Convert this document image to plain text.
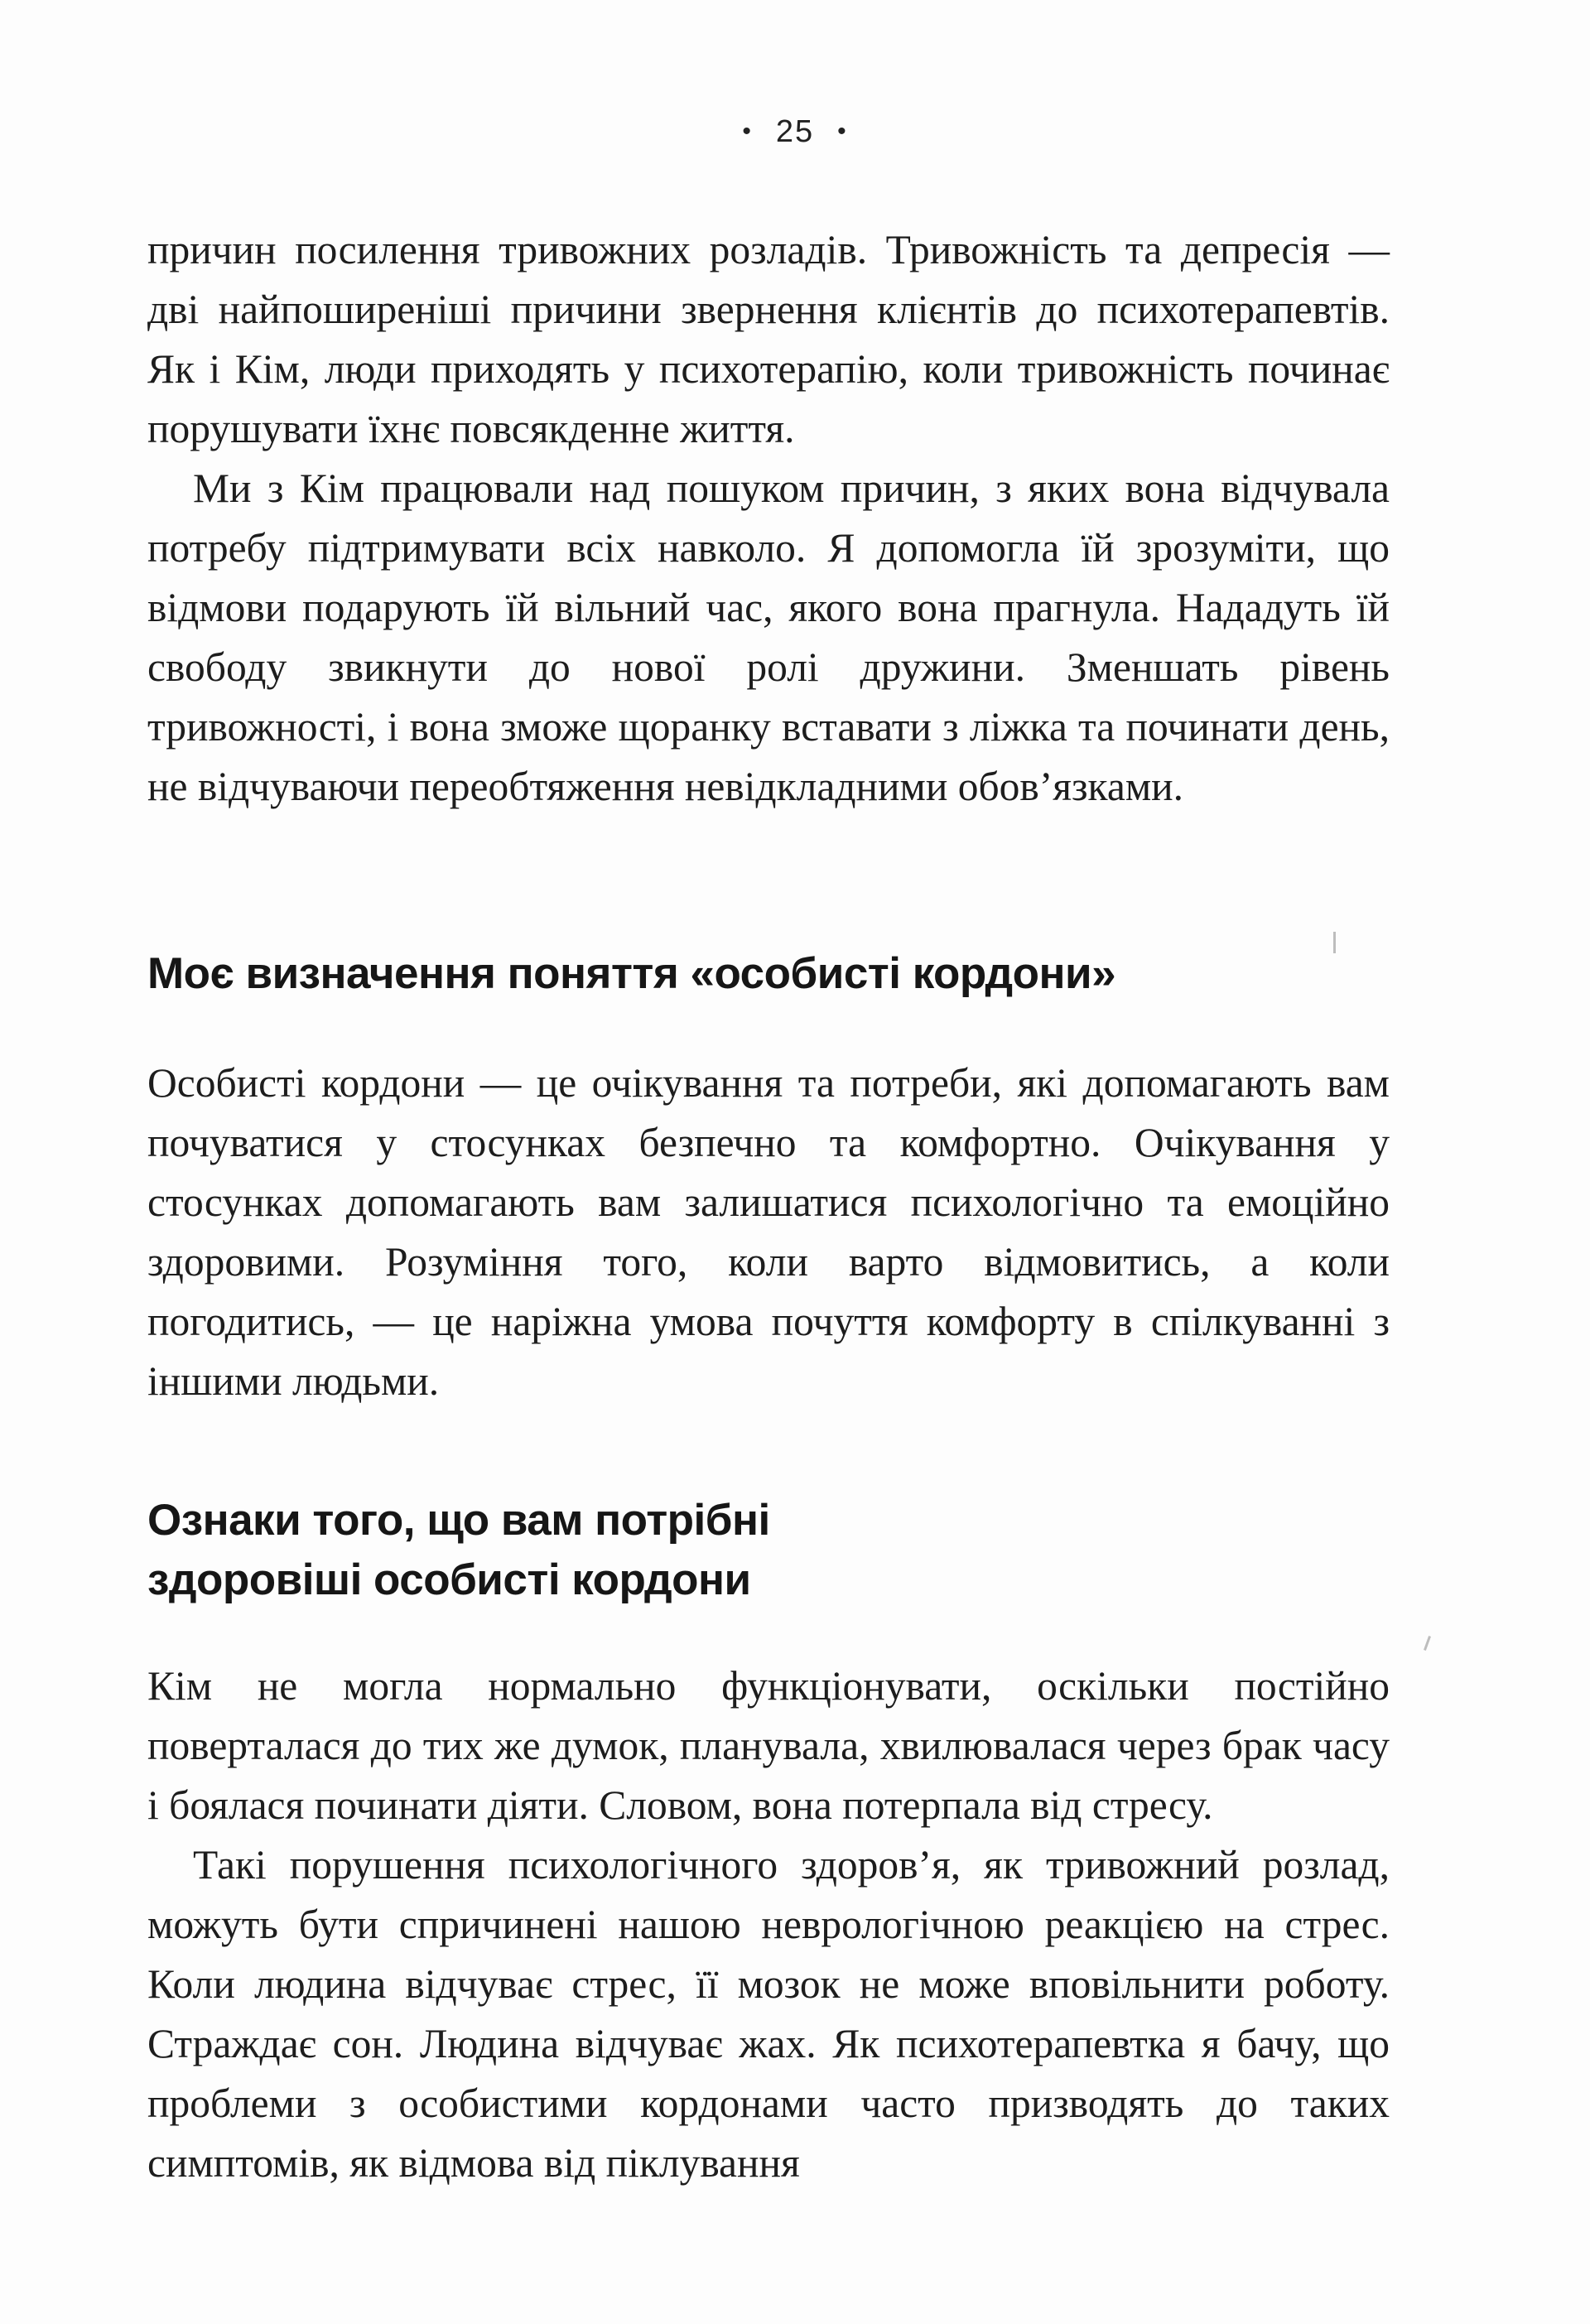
• 25 •

причин посилення тривожних розладів. Тривожність та депресія — дві найпоширеніші причини звернення клієнтів до психотерапевтів. Як і Кім, люди приходять у психотерапію, коли тривожність починає порушувати їхнє повсякденне життя.

Ми з Кім працювали над пошуком причин, з яких вона відчувала потребу підтримувати всіх навколо. Я допомогла їй зрозуміти, що відмови подарують їй вільний час, якого вона прагнула. Нададуть їй свободу звикнути до нової ролі дружини. Зменшать рівень тривожності, і вона зможе щоранку вставати з ліжка та починати день, не відчуваючи переобтяження невідкладними обов’язками.

Моє визначення поняття «особисті кордони»

Особисті кордони — це очікування та потреби, які допомагають вам почуватися у стосунках безпечно та комфортно. Очікування у стосунках допомагають вам залишатися психологічно та емоційно здоровими. Розуміння того, коли варто відмовитись, а коли погодитись, — це наріжна умова почуття комфорту в спілкуванні з іншими людьми.

Ознаки того, що вам потрібні
здоровіші особисті кордони

Кім не могла нормально функціонувати, оскільки постійно поверталася до тих же думок, планувала, хвилювалася через брак часу і боялася починати діяти. Словом, вона потерпала від стресу.

Такі порушення психологічного здоров’я, як тривожний розлад, можуть бути спричинені нашою неврологічною реакцією на стрес. Коли людина відчуває стрес, її мозок не може вповільнити роботу. Страждає сон. Людина відчуває жах. Як психотерапевтка я бачу, що проблеми з особистими кордонами часто призводять до таких симптомів, як відмова від піклування
